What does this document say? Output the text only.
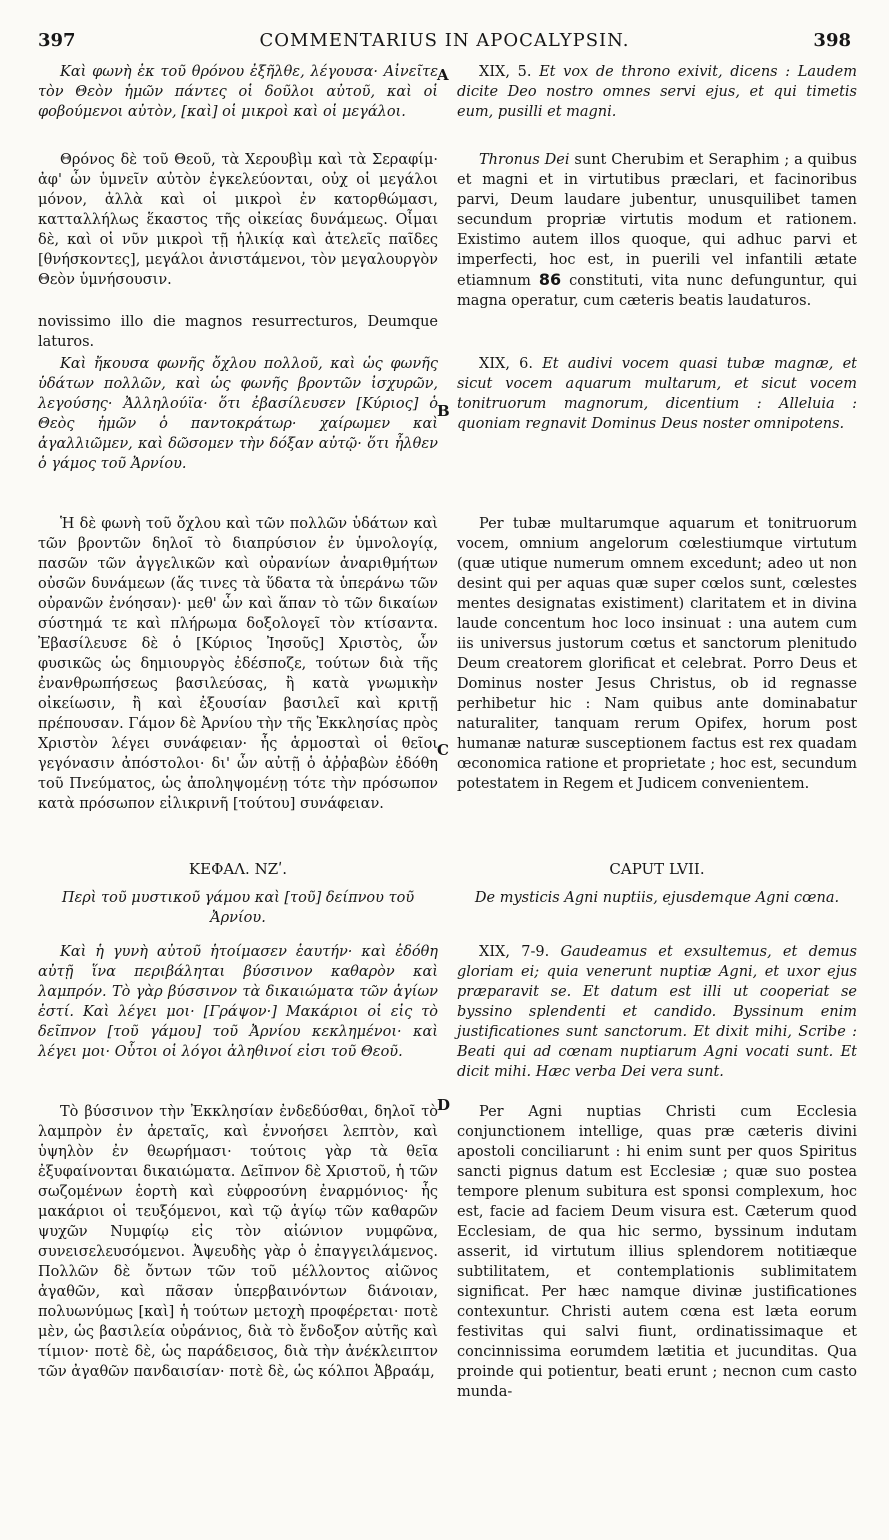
397	COMMENTARIUS IN APOCALYPSIN.	398
A
B
C
D

Καὶ φωνὴ ἐκ τοῦ θρόνου ἐξῆλθε, λέγουσα· Αἰνεῖτε τὸν Θεὸν ἡμῶν πάντες οἱ δοῦλοι αὐτοῦ, καὶ οἱ φοβούμενοι αὐτὸν, [καὶ] οἱ μικροὶ καὶ οἱ μεγάλοι.

Θρόνος δὲ τοῦ Θεοῦ, τὰ Χερουβὶμ καὶ τὰ Σεραφίμ· ἀφ' ὧν ὑμνεῖν αὐτὸν ἐγκελεύονται, οὐχ οἱ μεγάλοι μόνον, ἀλλὰ καὶ οἱ μικροὶ ἐν κατορθώμασι, κατταλλήλως ἕκαστος τῆς οἰκείας δυνάμεως. Οἶμαι δὲ, καὶ οἱ νῦν μικροὶ τῇ ἡλικίᾳ καὶ ἀτελεῖς παῖδες [θνήσκοντες], μεγάλοι ἀνιστάμενοι, τὸν μεγαλουργὸν Θεὸν ὑμνήσουσιν.

novissimo illo die magnos resurrecturos, Deumque laturos.

Καὶ ἤκουσα φωνῆς ὄχλου πολλοῦ, καὶ ὡς φωνῆς ὑδάτων πολλῶν, καὶ ὡς φωνῆς βροντῶν ἰσχυρῶν, λεγούσης· Ἀλληλούϊα· ὅτι ἐβασίλευσεν [Κύριος] ὁ Θεὸς ἡμῶν ὁ παντοκράτωρ· χαίρωμεν καὶ ἀγαλλιῶμεν, καὶ δῶσομεν τὴν δόξαν αὐτῷ· ὅτι ἦλθεν ὁ γάμος τοῦ Ἀρνίου.

Ἡ δὲ φωνὴ τοῦ ὄχλου καὶ τῶν πολλῶν ὑδάτων καὶ τῶν βροντῶν δηλοῖ τὸ διαπρύσιον ἐν ὑμνολογίᾳ, πασῶν τῶν ἀγγελικῶν καὶ οὐρανίων ἀναριθμήτων οὐσῶν δυνάμεων (ἅς τινες τὰ ὕδατα τὰ ὑπεράνω τῶν οὐρανῶν ἐνόησαν)· μεθ' ὧν καὶ ἅπαν τὸ τῶν δικαίων σύστημά τε καὶ πλήρωμα δοξολογεῖ τὸν κτίσαντα. Ἐβασίλευσε δὲ ὁ [Κύριος Ἰησοῦς] Χριστὸς, ὧν φυσικῶς ὡς δημιουργὸς ἐδέσποζε, τούτων διὰ τῆς ἐνανθρωπήσεως βασιλεύσας, ἢ κατὰ γνωμικὴν οἰκείωσιν, ἢ καὶ ἐξουσίαν βασιλεῖ καὶ κριτῇ πρέπουσαν. Γάμον δὲ Ἀρνίου τὴν τῆς Ἐκκλησίας πρὸς Χριστὸν λέγει συνάφειαν· ἧς ἁρμοσταὶ οἱ θεῖοι γεγόνασιν ἀπόστολοι· δι' ὧν αὐτῇ ὁ ἀῤῥαβὼν ἐδόθη τοῦ Πνεύματος, ὡς ἀποληψομένῃ τότε τὴν πρόσωπον κατὰ πρόσωπον εἰλικρινῆ [τούτου] συνάφειαν.

ΚΕΦΑΛ. ΝΖʹ.

Περὶ τοῦ μυστικοῦ γάμου καὶ [τοῦ] δείπνου τοῦ Ἀρνίου.

Καὶ ἡ γυνὴ αὐτοῦ ἡτοίμασεν ἑαυτήν· καὶ ἐδόθη αὐτῇ ἵνα περιβάληται βύσσινον καθαρὸν καὶ λαμπρόν. Τὸ γὰρ βύσσινον τὰ δικαιώματα τῶν ἁγίων ἐστί. Καὶ λέγει μοι· [Γράψον·] Μακάριοι οἱ εἰς τὸ δεῖπνον [τοῦ γάμου] τοῦ Ἀρνίου κεκλημένοι· καὶ λέγει μοι· Οὗτοι οἱ λόγοι ἀληθινοί εἰσι τοῦ Θεοῦ.

Τὸ βύσσινον τὴν Ἐκκλησίαν ἐνδεδύσθαι, δηλοῖ τὸ λαμπρὸν ἐν ἀρεταῖς, καὶ ἐννοήσει λεπτὸν, καὶ ὑψηλὸν ἐν θεωρήμασι· τούτοις γὰρ τὰ θεῖα ἐξυφαίνονται δικαιώματα. Δεῖπνον δὲ Χριστοῦ, ἡ τῶν σωζομένων ἑορτὴ καὶ εὐφροσύνη ἐναρμόνιος· ἧς μακάριοι οἱ τευξόμενοι, καὶ τῷ ἁγίῳ τῶν καθαρῶν ψυχῶν Νυμφίῳ εἰς τὸν αἰώνιον νυμφῶνα, συνεισελευσόμενοι. Ἀψευδὴς γὰρ ὁ ἐπαγγειλάμενος. Πολλῶν δὲ ὄντων τῶν τοῦ μέλλοντος αἰῶνος ἀγαθῶν, καὶ πᾶσαν ὑπερβαινόντων διάνοιαν, πολυωνύμως [καὶ] ἡ τούτων μετοχὴ προφέρεται· ποτὲ μὲν, ὡς βασιλεία οὐράνιος, διὰ τὸ ἔνδοξον αὐτῆς καὶ τίμιον· ποτὲ δὲ, ὡς παράδεισος, διὰ τὴν ἀνέκλειπτον τῶν ἀγαθῶν πανδαισίαν· ποτὲ δὲ, ὡς κόλποι Ἀβραάμ,

XIX, 5. Et vox de throno exivit, dicens : Laudem dicite Deo nostro omnes servi ejus, et qui timetis eum, pusilli et magni.

Thronus Dei sunt Cherubim et Seraphim ; a quibus et magni et in virtutibus præclari, et facinoribus parvi, Deum laudare jubentur, unusquilibet tamen secundum propriæ virtutis modum et rationem. Existimo autem illos quoque, qui adhuc parvi et imperfecti, hoc est, in puerili vel infantili ætate etiamnum 86 constituti, vita nunc defunguntur, qui magna operatur, cum cæteris beatis laudaturos.

XIX, 6. Et audivi vocem quasi tubæ magnæ, et sicut vocem aquarum multarum, et sicut vocem tonitruorum magnorum, dicentium : Alleluia : quoniam regnavit Dominus Deus noster omnipotens.

Per tubæ multarumque aquarum et tonitruorum vocem, omnium angelorum cœlestiumque virtutum (quæ utique numerum omnem excedunt; adeo ut non desint qui per aquas quæ super cœlos sunt, cœlestes mentes designatas existiment) claritatem et in divina laude concentum hoc loco insinuat : una autem cum iis universus justorum cœtus et sanctorum plenitudo Deum creatorem glorificat et celebrat. Porro Deus et Dominus noster Jesus Christus, ob id regnasse perhibetur hic : Nam quibus ante dominabatur naturaliter, tanquam rerum Opifex, horum post humanæ naturæ susceptionem factus est rex quadam œconomica ratione et proprietate ; hoc est, secundum potestatem in Regem et Judicem convenientem.

CAPUT LVII.

De mysticis Agni nuptiis, ejusdemque Agni cœna.

XIX, 7-9. Gaudeamus et exsultemus, et demus gloriam ei; quia venerunt nuptiæ Agni, et uxor ejus præparavit se. Et datum est illi ut cooperiat se byssino splendenti et candido. Byssinum enim justificationes sunt sanctorum. Et dixit mihi, Scribe : Beati qui ad cœnam nuptiarum Agni vocati sunt. Et dicit mihi. Hæc verba Dei vera sunt.

Per Agni nuptias Christi cum Ecclesia conjunctionem intellige, quas præ cæteris divini apostoli conciliarunt : hi enim sunt per quos Spiritus sancti pignus datum est Ecclesiæ ; quæ suo postea tempore plenum subitura est sponsi complexum, hoc est, facie ad faciem Deum visura est. Cæterum quod Ecclesiam, de qua hic sermo, byssinum indutam asserit, id virtutum illius splendorem notitiæque subtilitatem, et contemplationis sublimitatem significat. Per hæc namque divinæ justificationes contexuntur. Christi autem cœna est læta eorum festivitas qui salvi fiunt, ordinatissimaque et concinnissima eorumdem lætitia et jucunditas. Qua proinde qui potientur, beati erunt ; necnon cum casto munda-
